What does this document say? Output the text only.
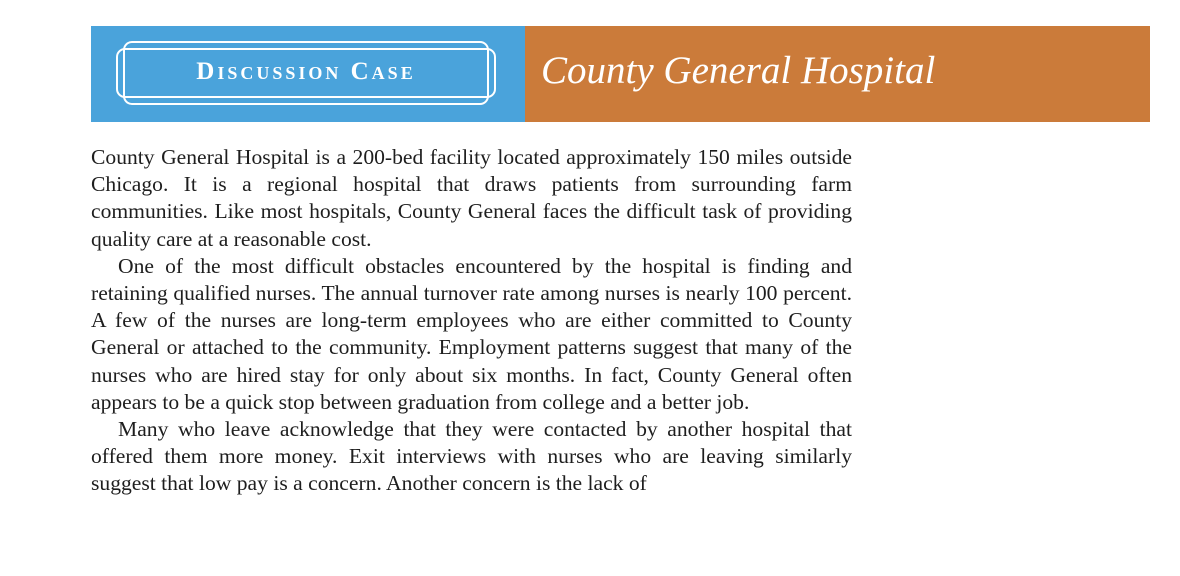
Discussion Case	County General Hospital

County General Hospital is a 200-bed facility located approximately 150 miles outside Chicago. It is a regional hospital that draws patients from surrounding farm communities. Like most hospitals, County General faces the difficult task of providing quality care at a reasonable cost.

One of the most difficult obstacles encountered by the hospital is finding and retaining qualified nurses. The annual turnover rate among nurses is nearly 100 percent. A few of the nurses are long-term employees who are either committed to County General or attached to the community. Employment patterns suggest that many of the nurses who are hired stay for only about six months. In fact, County General often appears to be a quick stop between graduation from college and a better job.

Many who leave acknowledge that they were contacted by another hospital that offered them more money. Exit interviews with nurses who are leaving similarly suggest that low pay is a concern. Another concern is the lack of
